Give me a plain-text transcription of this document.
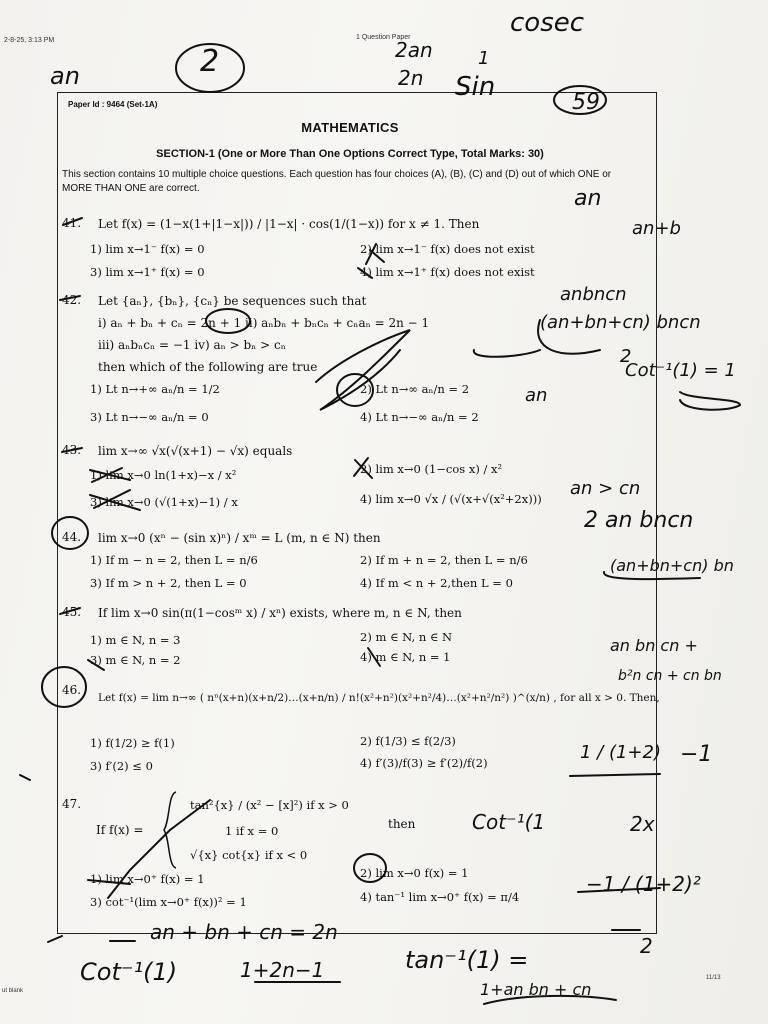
2-8-25, 3:13 PM	1 Question Paper
Paper Id : 9464 (Set-1A)
MATHEMATICS
SECTION-1 (One or More Than One Options Correct Type, Total Marks: 30)
This section contains 10 multiple choice questions. Each question has four choices (A), (B), (C) and (D) out of which ONE or MORE THAN ONE are correct.
41. Let f(x) = (1−x(1+|1−x|)) / |1−x| · cos(1/(1−x)) for x ≠ 1. Then
1) lim x→1⁻ f(x) = 0	2) lim x→1⁻ f(x) does not exist
3) lim x→1⁺ f(x) = 0	4) lim x→1⁺ f(x) does not exist
42. Let {aₙ}, {bₙ}, {cₙ} be sequences such that
i) aₙ + bₙ + cₙ = 2n + 1 ii) aₙbₙ + bₙcₙ + cₙaₙ = 2n − 1
iii) aₙbₙcₙ = −1 iv) aₙ > bₙ > cₙ
then which of the following are true
1) Lt n→+∞ aₙ/n = 1/2	2) Lt n→∞ aₙ/n = 2
3) Lt n→−∞ aₙ/n = 0	4) Lt n→−∞ aₙ/n = 2
43. lim x→∞ √x(√(x+1) − √x) equals
1) lim x→0 ln(1+x)−x / x²	2) lim x→0 (1−cos x) / x²
3) lim x→0 (√(1+x)−1) / x	4) lim x→0 √x / (√(x+√(x²+2x)))
44. lim x→0 (xⁿ − (sin x)ⁿ) / xᵐ = L (m, n ∈ N) then
1) If m − n = 2, then L = n/6	2) If m + n = 2, then L = n/6
3) If m > n + 2, then L = 0	4) If m < n + 2,then L = 0
45. If lim x→0 sin(π(1−cosᵐ x) / xⁿ) exists, where m, n ∈ N, then
1) m ∈ N, n = 3	2) m ∈ N, n ∈ N
3) m ∈ N, n = 2	4) m ∈ N, n = 1
46.
Let f(x) = lim n→∞ ( nⁿ(x+n)(x+n/2)…(x+n/n) / n!(x²+n²)(x²+n²/4)…(x²+n²/n²) )^(x/n) , for all x > 0. Then,
1) f(1/2) ≥ f(1)	2) f(1/3) ≤ f(2/3)
3) f′(2) ≤ 0	4) f′(3)/f(3) ≥ f′(2)/f(2)
47.
If f(x) =
tan²{x} / (x² − [x]²) if x > 0
1 if x = 0
√{x} cot{x} if x < 0
then
1) lim x→0⁺ f(x) = 1	2) lim x→0 f(x) = 1
3) cot⁻¹(lim x→0⁺ f(x))² = 1	4) tan⁻¹ lim x→0⁺ f(x) = π/4
ut blank
11/13
cosec
2
an
2an
2n
1
Sin
59
an
an+b
anbncn
(an+bn+cn) bncn
2
Cot⁻¹(1) = 1
an
an > cn
2 an bncn
(an+bn+cn) bn
an bn cn +
b²n cn + cn bn
1 / (1+2) −1
Cot⁻¹(1	2x
−1 / (1+2)²
2
an + bn + cn = 2n
Cot⁻¹(1)	1+2n−1	tan⁻¹(1) =
1+an bn + cn
